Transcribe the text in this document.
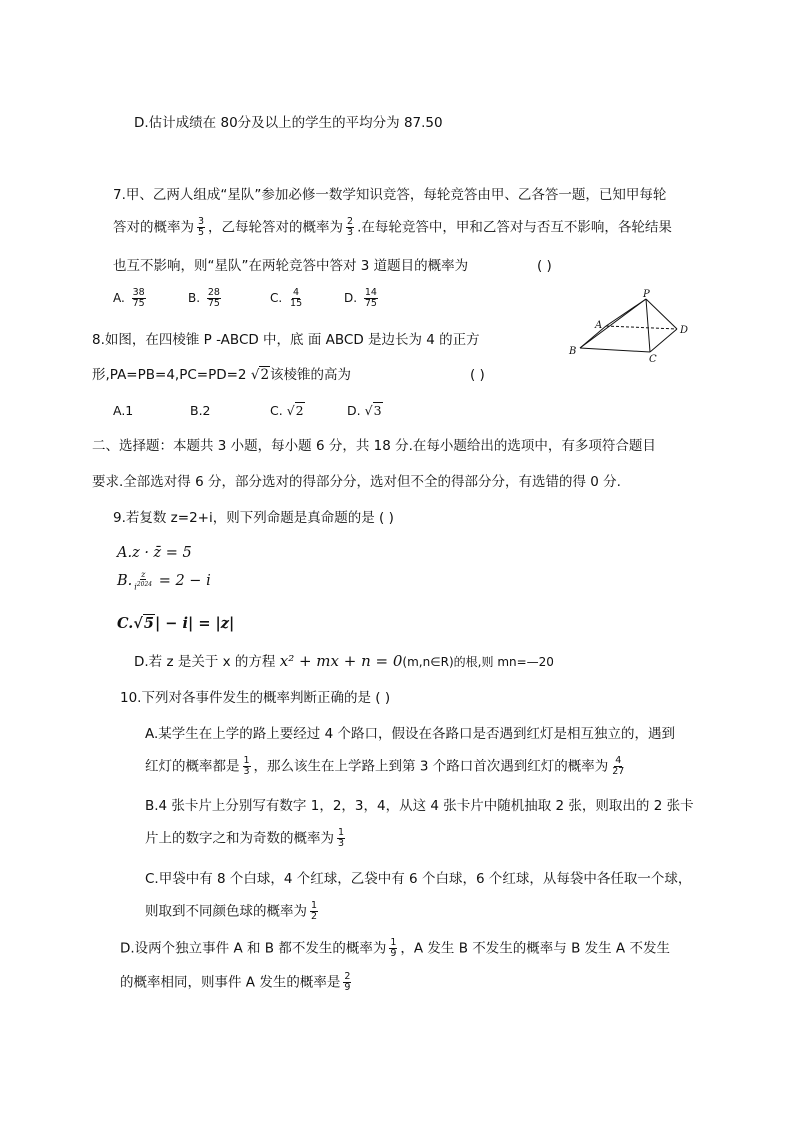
D.估计成绩在 80分及以上的学生的平均分为 87.50
7.甲、乙两人组成“星队”参加必修一数学知识竞答，每轮竞答由甲、乙各答一题，已知甲每轮
答对的概率为 $\frac{3}{5}$ ，乙每轮答对的概率为 $\frac{2}{3}$ .在每轮竞答中，甲和乙答对与否互不影响，各轮结果
也互不影响，则“星队”在两轮竞答中答对 3 道题目的概率为	( )
A. $\frac{38}{75}$	B. $\frac{28}{75}$	C. $\frac{4}{15}$	D. $\frac{14}{75}$
8.如图，在四棱锥 P -ABCD 中，底 面 ABCD 是边长为 4 的正方
形,PA=PB=4,PC=PD=2 √2该棱锥的高为	( )
A.1	B.2	C. √2	D. √3
P
A
B
C
D
二、选择题：本题共 3 小题，每小题 6 分，共 18 分.在每小题给出的选项中，有多项符合题目
要求.全部选对得 6 分，部分选对的得部分分，选对但不全的得部分分，有选错的得 0 分.
9.若复数 z=2+i，则下列命题是真命题的是 ( )
A.z · z̄ = 5
B. $\frac{z}{i^{2024}} = 2 - i$
C.√5| − i| = |z|
D.若 z 是关于 x 的方程 x² + mx + n = 0(m,n∈R)的根,则 mn=—20
10.下列对各事件发生的概率判断正确的是 ( )
A.某学生在上学的路上要经过 4 个路口，假设在各路口是否遇到红灯是相互独立的，遇到
红灯的概率都是 $\frac{1}{3}$ ，那么该生在上学路上到第 3 个路口首次遇到红灯的概率为 $\frac{4}{27}$
B.4 张卡片上分别写有数字 1，2，3，4，从这 4 张卡片中随机抽取 2 张，则取出的 2 张卡
片上的数字之和为奇数的概率为 $\frac{1}{3}$
C.甲袋中有 8 个白球，4 个红球，乙袋中有 6 个白球，6 个红球，从每袋中各任取一个球，
则取到不同颜色球的概率为 $\frac{1}{2}$
D.设两个独立事件 A 和 B 都不发生的概率为 $\frac{1}{9}$ ，A 发生 B 不发生的概率与 B 发生 A 不发生
的概率相同，则事件 A 发生的概率是 $\frac{2}{9}$
